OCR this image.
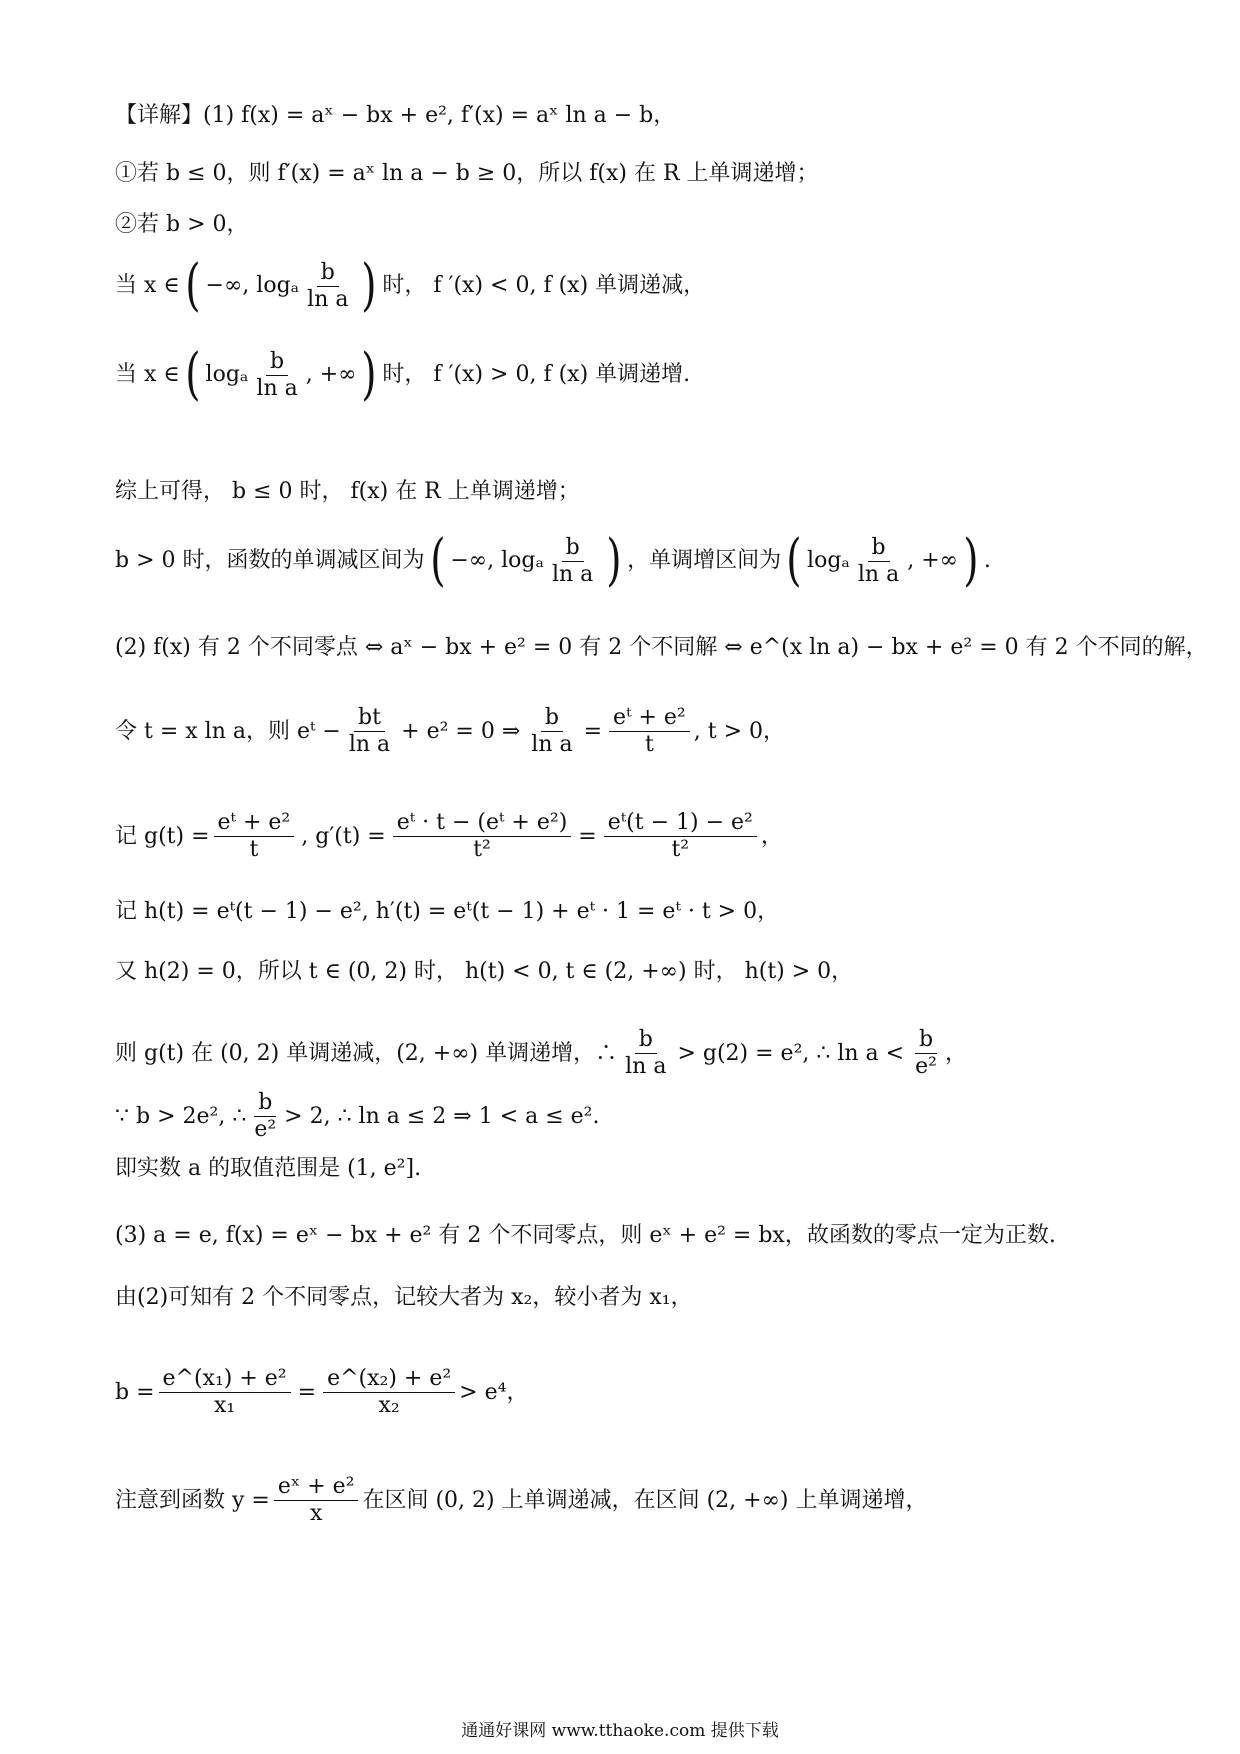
【详解】(1) f(x) = aˣ − bx + e², f′(x) = aˣ ln a − b，
①若 b ≤ 0，则 f′(x) = aˣ ln a − b ≥ 0，所以 f(x) 在 R 上单调递增；
②若 b > 0，
当 x ∈ ( −∞, logₐ $\frac{b}{\text{ln a}}$ ) 时， f ′(x) < 0, f (x) 单调递减，
当 x ∈ ( logₐ $\frac{b}{\text{ln a}}$ , +∞ ) 时， f ′(x) > 0, f (x) 单调递增.
综上可得， b ≤ 0 时， f(x) 在 R 上单调递增；
b > 0 时，函数的单调减区间为 ( −∞, logₐ $\frac{b}{\text{ln a}}$ ) ，单调增区间为 ( logₐ $\frac{b}{\text{ln a}}$ , +∞ ) .
(2) f(x) 有 2 个不同零点 ⇔ aˣ − bx + e² = 0 有 2 个不同解 ⇔ e^(x ln a) − bx + e² = 0 有 2 个不同的解，
令 t = x ln a，则 eᵗ − $\frac{bt}{\text{ln a}} + e^2 = 0$ ⇒ $\frac{b}{\text{ln a}} = \frac{\text{eᵗ + e²}}{t}$ , t > 0，
记 $g(t) = \frac{\text{eᵗ + e²}}{t}$ , $g'(t) = \frac{\text{eᵗ · t − (eᵗ + e²)}}{\text{t²}} = \frac{\text{eᵗ(t − 1) − e²}}{\text{t²}}$ ，
记 h(t) = eᵗ(t − 1) − e², h′(t) = eᵗ(t − 1) + eᵗ · 1 = eᵗ · t > 0，
又 h(2) = 0，所以 t ∈ (0, 2) 时， h(t) < 0, t ∈ (2, +∞) 时， h(t) > 0，
则 g(t) 在 (0, 2) 单调递减，(2, +∞) 单调递增，∴ $\frac{b}{\text{ln a}} > g(2) = e^2$, ∴ $\ln a < \frac{b}{\text{e²}}$ ，
∵ b > 2e², ∴ $\frac{b}{\text{e²}} > 2$, ∴ ln a ≤ 2 ⇒ 1 < a ≤ e².
即实数 a 的取值范围是 (1, e²].
(3) a = e, f(x) = eˣ − bx + e² 有 2 个不同零点，则 eˣ + e² = bx，故函数的零点一定为正数.
由(2)可知有 2 个不同零点，记较大者为 x₂，较小者为 x₁，
$b = \frac{\text{e\textasciicircum{}(x₁) + e²}}{\text{x₁}} = \frac{\text{e\textasciicircum{}(x₂) + e²}}{\text{x₂}} > e^4$，
注意到函数 $y = \frac{\text{eˣ + e²}}{x}$ 在区间 (0, 2) 上单调递减，在区间 (2, +∞) 上单调递增，
通通好课网 www.tthaoke.com 提供下载
